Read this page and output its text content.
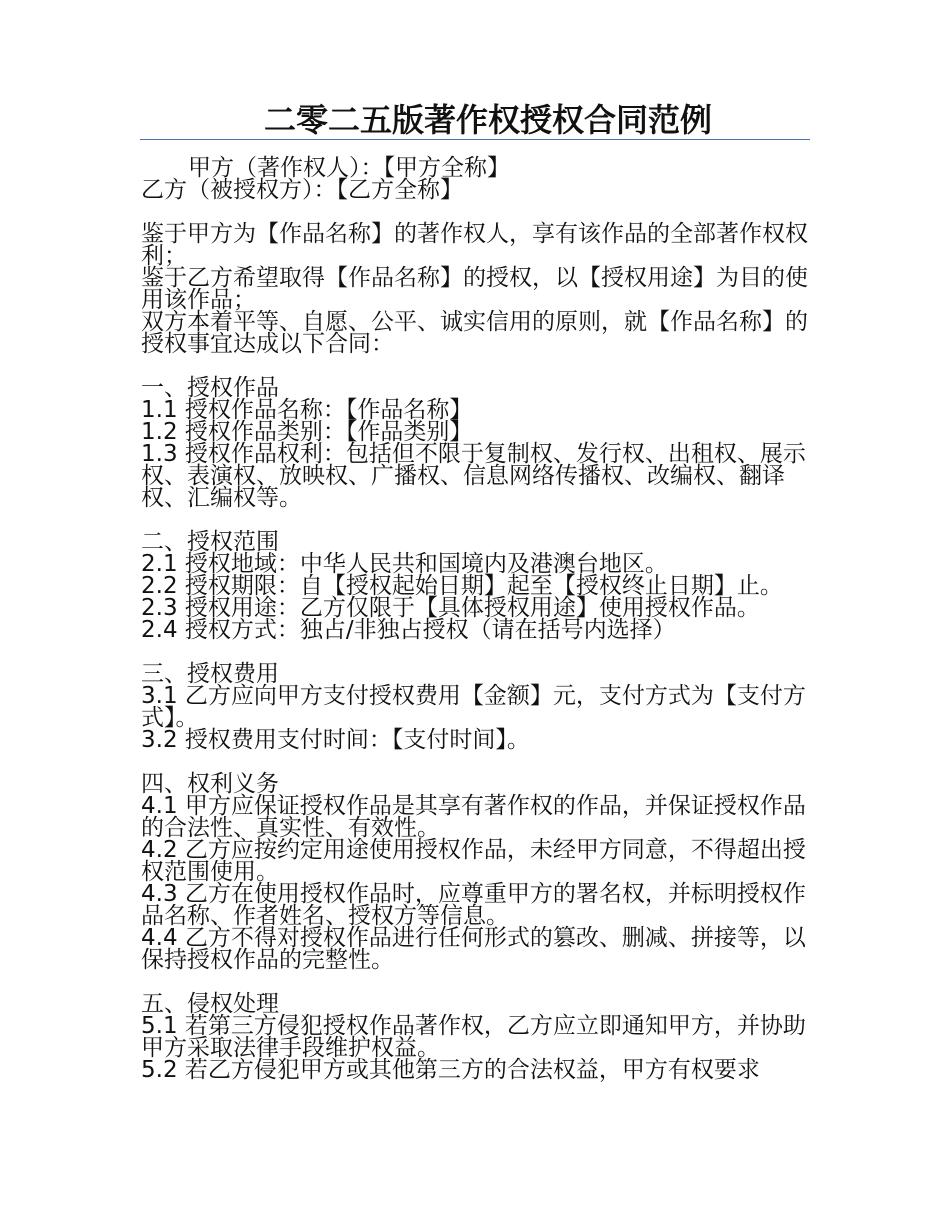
二零二五版著作权授权合同范例
甲方（著作权人）：【甲方全称】
乙方（被授权方）：【乙方全称】
鉴于甲方为【作品名称】的著作权人，享有该作品的全部著作权权利；
鉴于乙方希望取得【作品名称】的授权，以【授权用途】为目的使用该作品；
双方本着平等、自愿、公平、诚实信用的原则，就【作品名称】的授权事宜达成以下合同：
一、授权作品
1.1 授权作品名称：【作品名称】
1.2 授权作品类别：【作品类别】
1.3 授权作品权利：包括但不限于复制权、发行权、出租权、展示权、表演权、放映权、广播权、信息网络传播权、改编权、翻译权、汇编权等。
二、授权范围
2.1 授权地域：中华人民共和国境内及港澳台地区。
2.2 授权期限：自【授权起始日期】起至【授权终止日期】止。
2.3 授权用途：乙方仅限于【具体授权用途】使用授权作品。
2.4 授权方式：独占/非独占授权（请在括号内选择）
三、授权费用
3.1 乙方应向甲方支付授权费用【金额】元，支付方式为【支付方式】。
3.2 授权费用支付时间：【支付时间】。
四、权利义务
4.1 甲方应保证授权作品是其享有著作权的作品，并保证授权作品的合法性、真实性、有效性。
4.2 乙方应按约定用途使用授权作品，未经甲方同意，不得超出授权范围使用。
4.3 乙方在使用授权作品时，应尊重甲方的署名权，并标明授权作品名称、作者姓名、授权方等信息。
4.4 乙方不得对授权作品进行任何形式的篡改、删减、拼接等，以保持授权作品的完整性。
五、侵权处理
5.1 若第三方侵犯授权作品著作权，乙方应立即通知甲方，并协助甲方采取法律手段维护权益。
5.2 若乙方侵犯甲方或其他第三方的合法权益，甲方有权要求
